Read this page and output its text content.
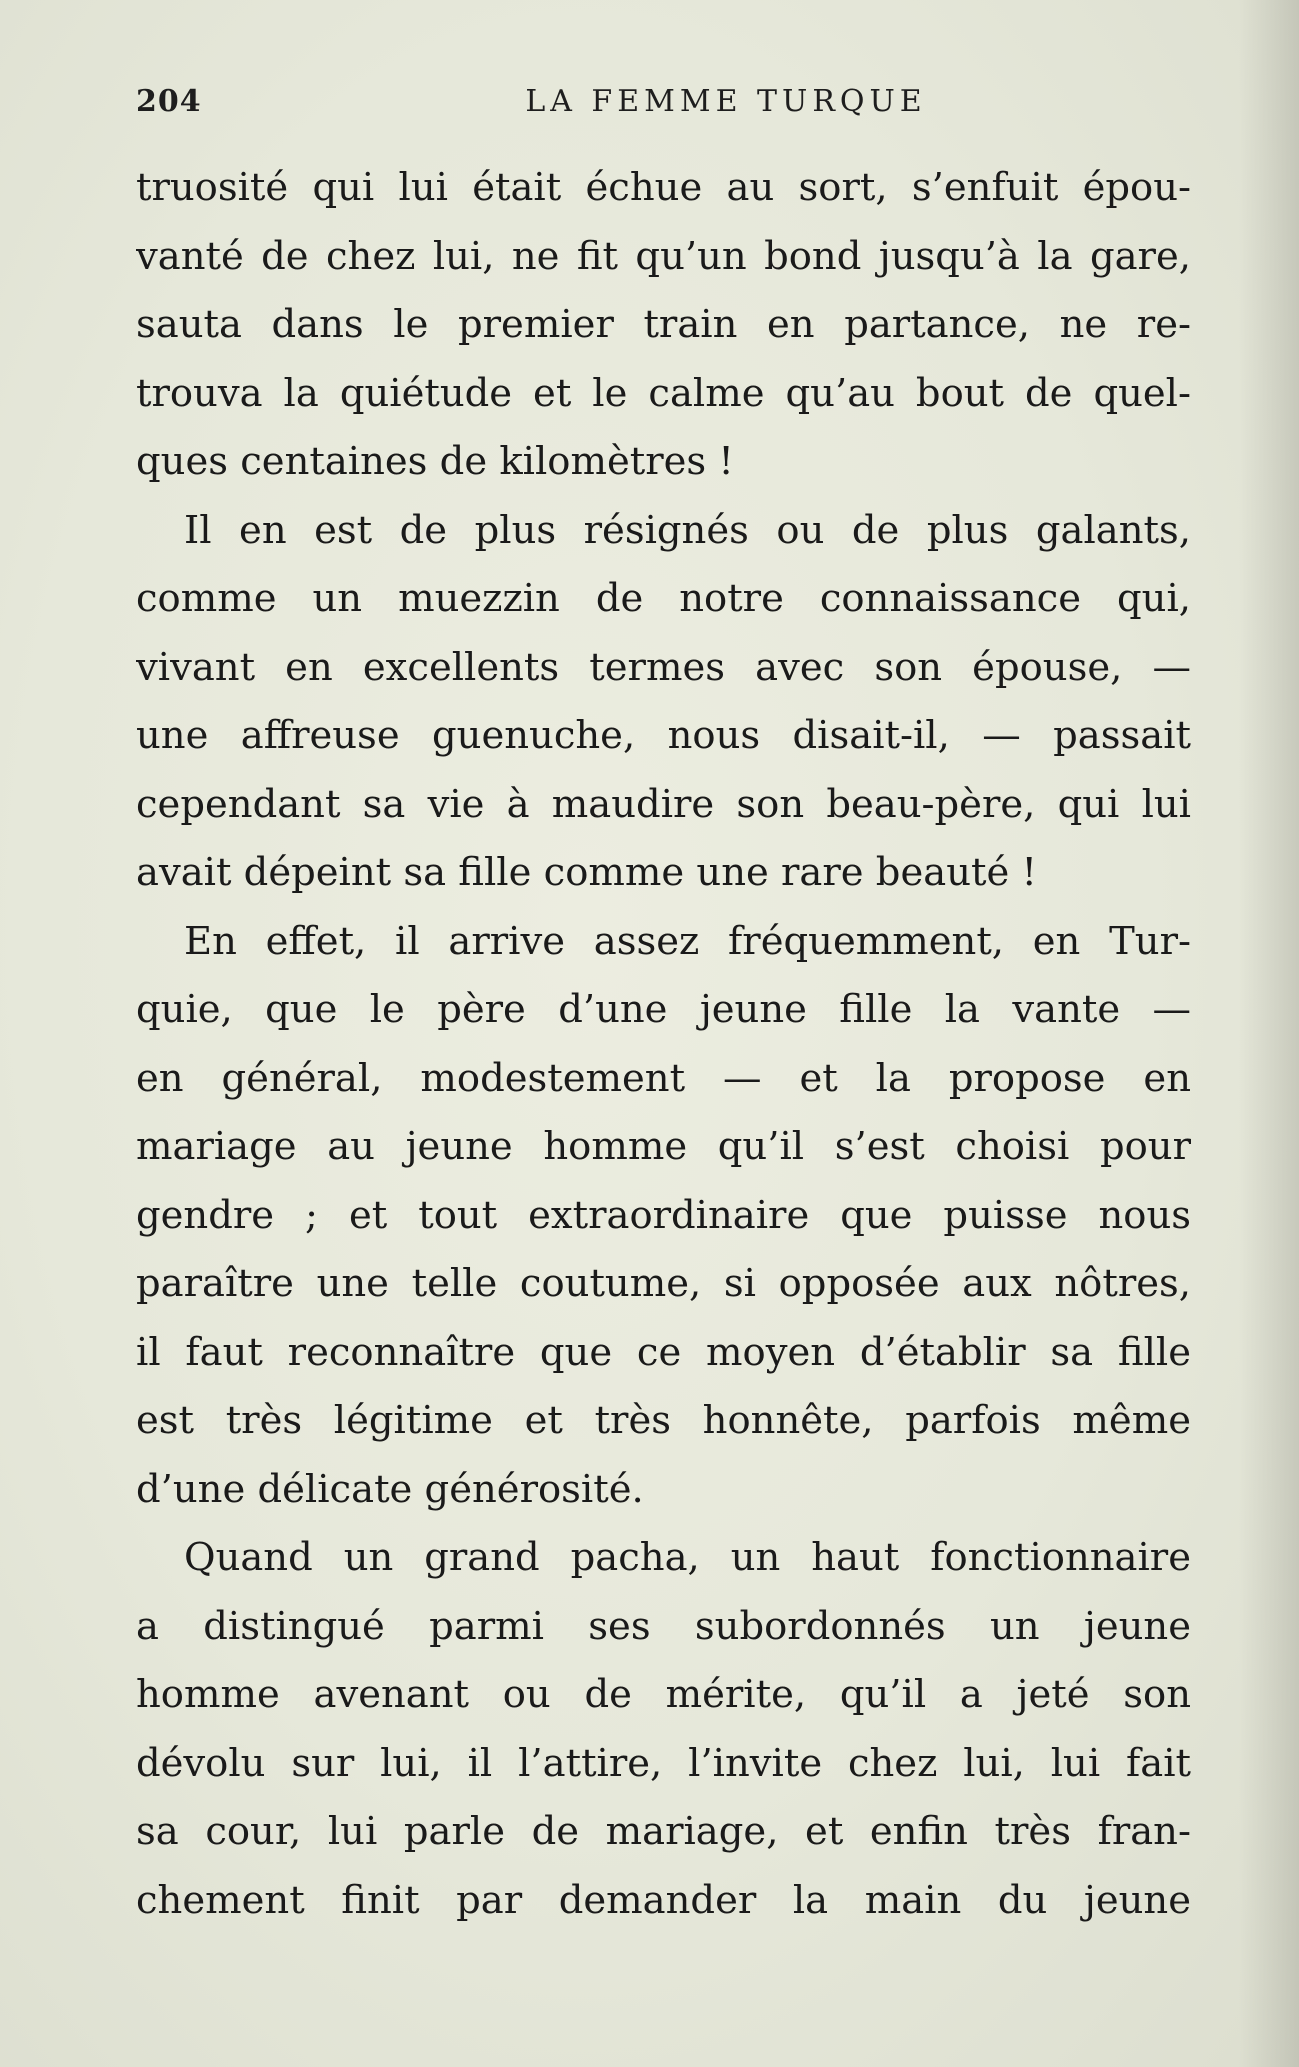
204	LA FEMME TURQUE
truosité qui lui était échue au sort, s’enfuit épou-
vanté de chez lui, ne fit qu’un bond jusqu’à la gare,
sauta dans le premier train en partance, ne re-
trouva la quiétude et le calme qu’au bout de quel-
ques centaines de kilomètres !
Il en est de plus résignés ou de plus galants,
comme un muezzin de notre connaissance qui,
vivant en excellents termes avec son épouse, —
une affreuse guenuche, nous disait-il, — passait
cependant sa vie à maudire son beau-père, qui lui
avait dépeint sa fille comme une rare beauté !
En effet, il arrive assez fréquemment, en Tur-
quie, que le père d’une jeune fille la vante —
en général, modestement — et la propose en
mariage au jeune homme qu’il s’est choisi pour
gendre ; et tout extraordinaire que puisse nous
paraître une telle coutume, si opposée aux nôtres,
il faut reconnaître que ce moyen d’établir sa fille
est très légitime et très honnête, parfois même
d’une délicate générosité.
Quand un grand pacha, un haut fonctionnaire
a distingué parmi ses subordonnés un jeune
homme avenant ou de mérite, qu’il a jeté son
dévolu sur lui, il l’attire, l’invite chez lui, lui fait
sa cour, lui parle de mariage, et enfin très fran-
chement finit par demander la main du jeune
